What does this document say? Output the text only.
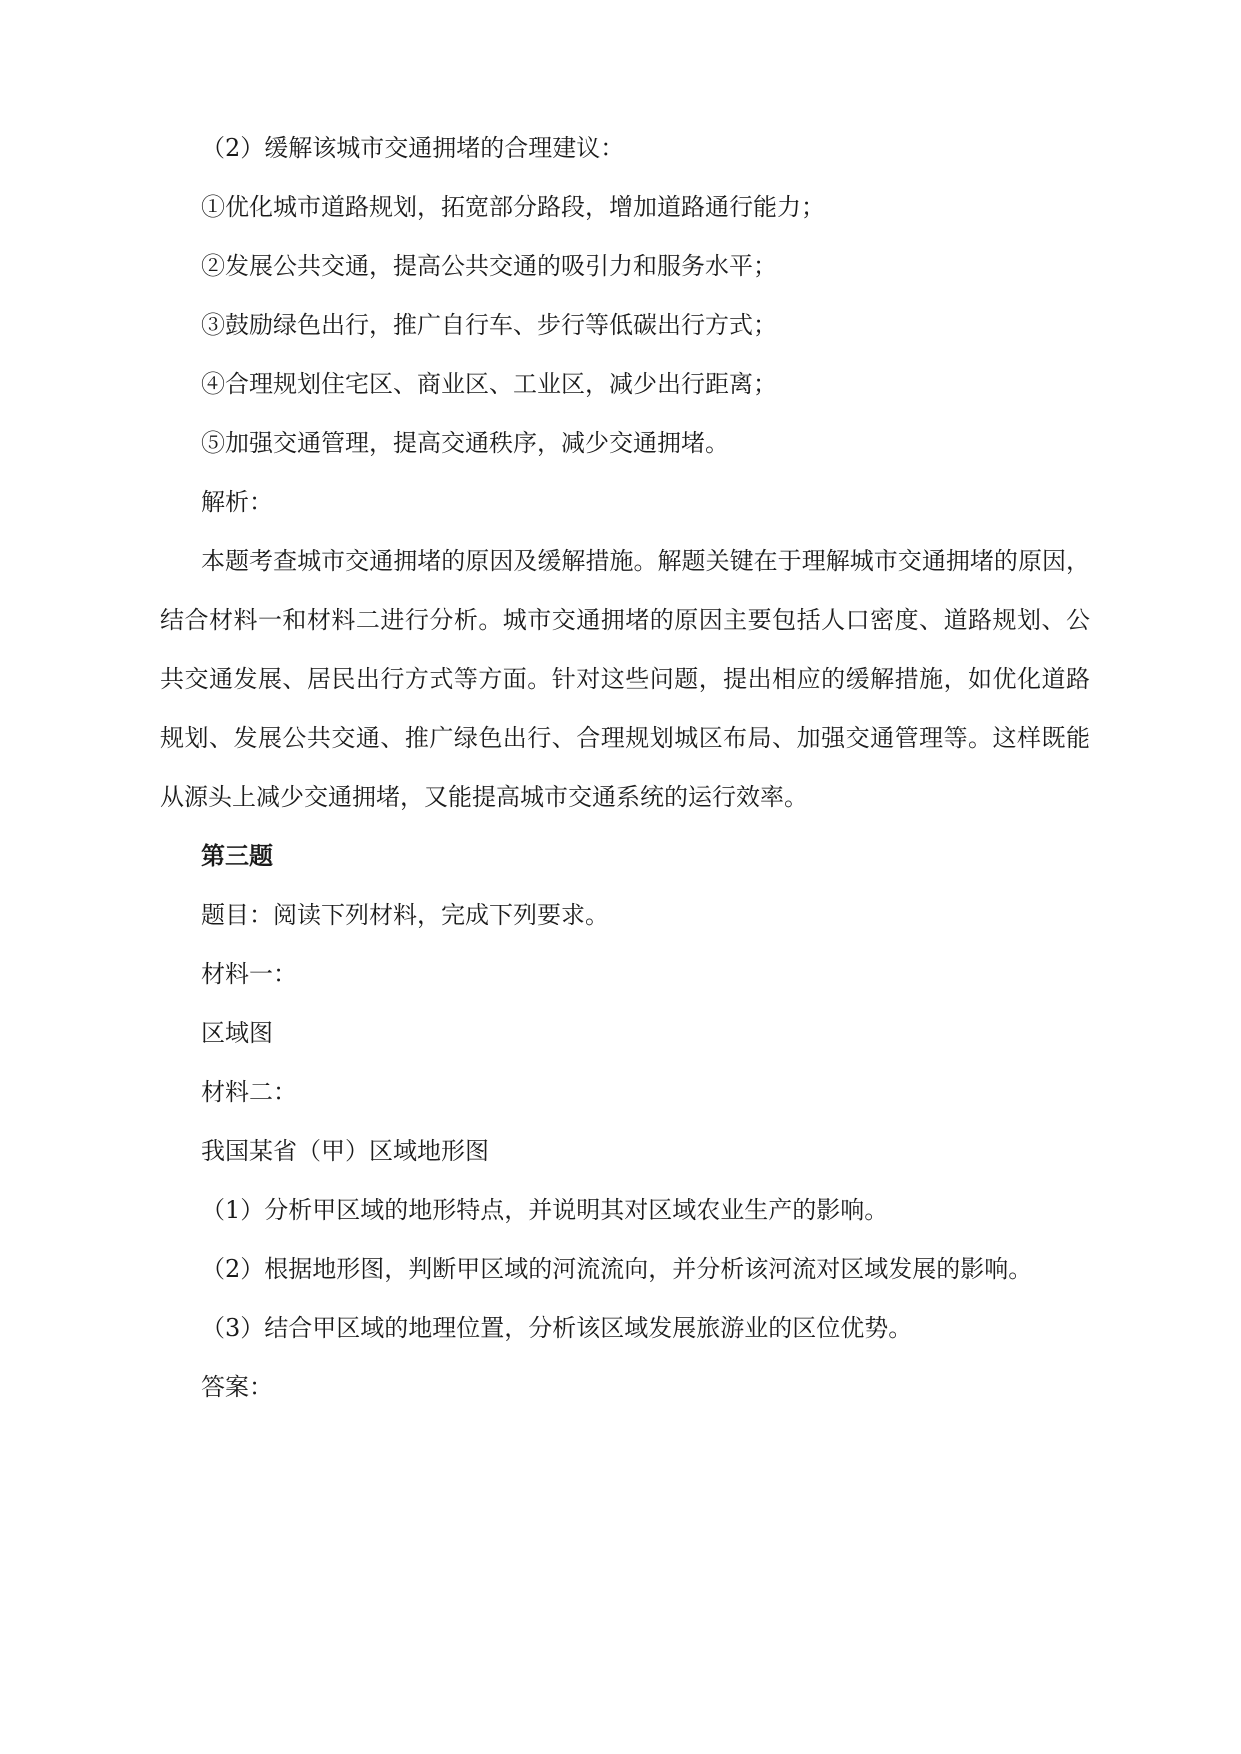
（2）缓解该城市交通拥堵的合理建议：

①优化城市道路规划，拓宽部分路段，增加道路通行能力；

②发展公共交通，提高公共交通的吸引力和服务水平；

③鼓励绿色出行，推广自行车、步行等低碳出行方式；

④合理规划住宅区、商业区、工业区，减少出行距离；

⑤加强交通管理，提高交通秩序，减少交通拥堵。

解析：

本题考查城市交通拥堵的原因及缓解措施。解题关键在于理解城市交通拥堵的原因，

结合材料一和材料二进行分析。城市交通拥堵的原因主要包括人口密度、道路规划、公

共交通发展、居民出行方式等方面。针对这些问题，提出相应的缓解措施，如优化道路

规划、发展公共交通、推广绿色出行、合理规划城区布局、加强交通管理等。这样既能

从源头上减少交通拥堵，又能提高城市交通系统的运行效率。

第三题

题目：阅读下列材料，完成下列要求。

材料一：

区域图

材料二：

我国某省（甲）区域地形图

（1）分析甲区域的地形特点，并说明其对区域农业生产的影响。

（2）根据地形图，判断甲区域的河流流向，并分析该河流对区域发展的影响。

（3）结合甲区域的地理位置，分析该区域发展旅游业的区位优势。

答案：
